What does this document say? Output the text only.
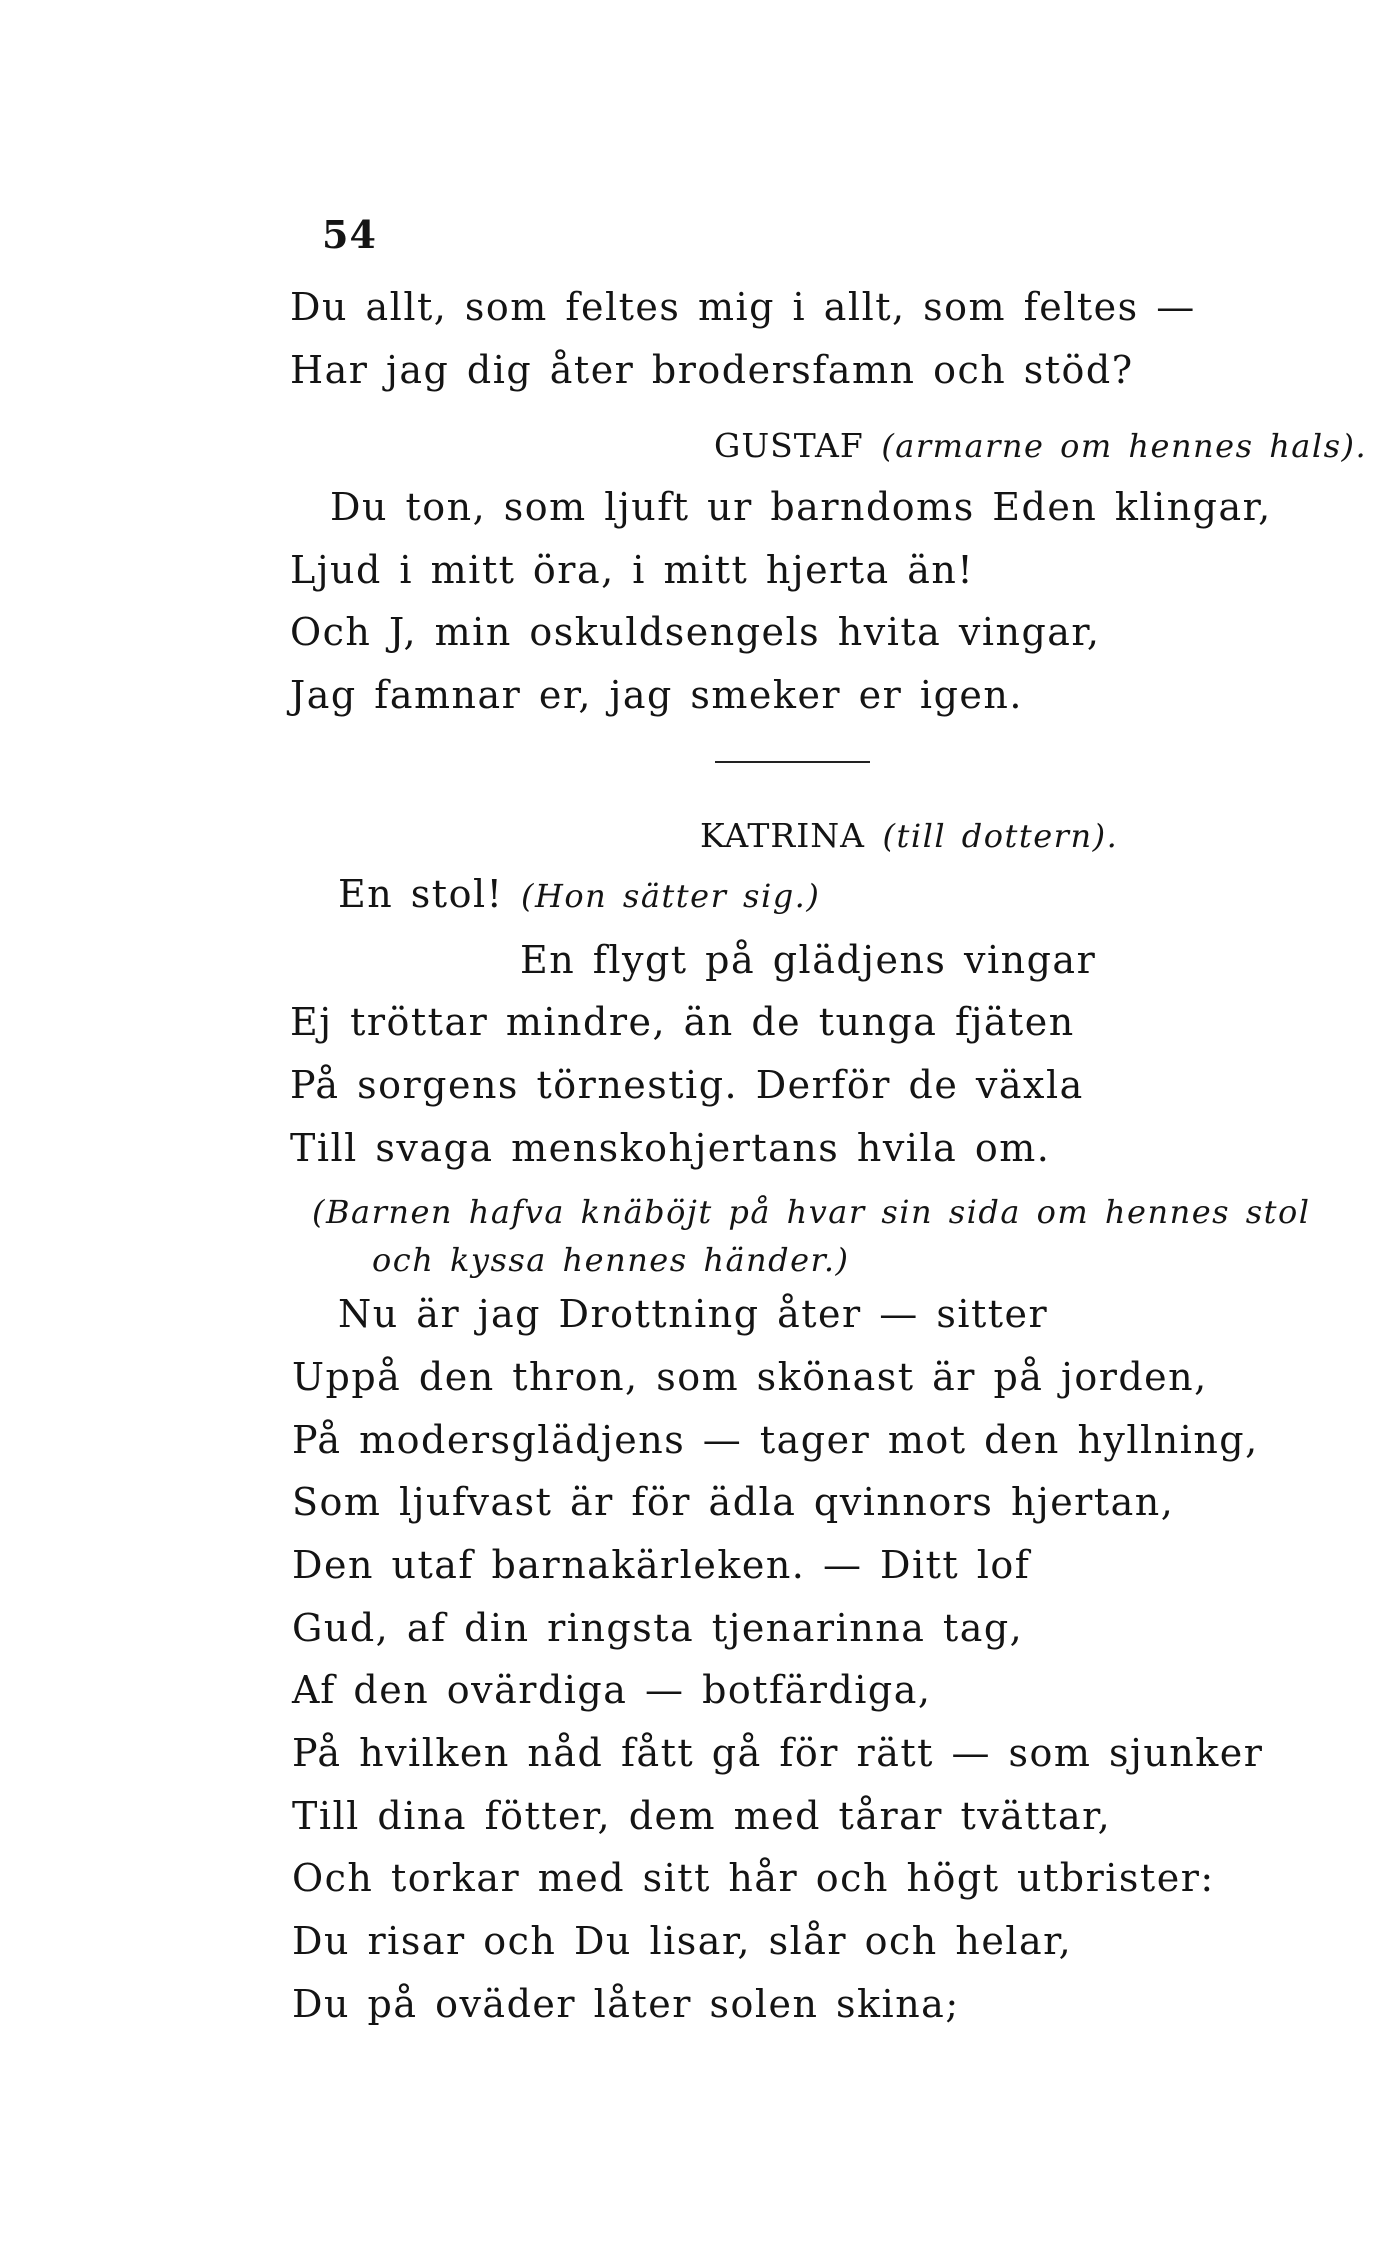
54
Du allt, som feltes mig i allt, som feltes —
Har jag dig åter brodersfamn och stöd?
GUSTAF (armarne om hennes hals).
Du ton, som ljuft ur barndoms Eden klingar,
Ljud i mitt öra, i mitt hjerta än!
Och J, min oskuldsengels hvita vingar,
Jag famnar er, jag smeker er igen.
KATRINA (till dottern).
En stol! (Hon sätter sig.)
En flygt på glädjens vingar
Ej tröttar mindre, än de tunga fjäten
På sorgens törnestig. Derför de växla
Till svaga menskohjertans hvila om.
(Barnen hafva knäböjt på hvar sin sida om hennes stol
och kyssa hennes händer.)
Nu är jag Drottning åter — sitter
Uppå den thron, som skönast är på jorden,
På modersglädjens — tager mot den hyllning,
Som ljufvast är för ädla qvinnors hjertan,
Den utaf barnakärleken. — Ditt lof
Gud, af din ringsta tjenarinna tag,
Af den ovärdiga — botfärdiga,
På hvilken nåd fått gå för rätt — som sjunker
Till dina fötter, dem med tårar tvättar,
Och torkar med sitt hår och högt utbrister:
Du risar och Du lisar, slår och helar,
Du på oväder låter solen skina;
